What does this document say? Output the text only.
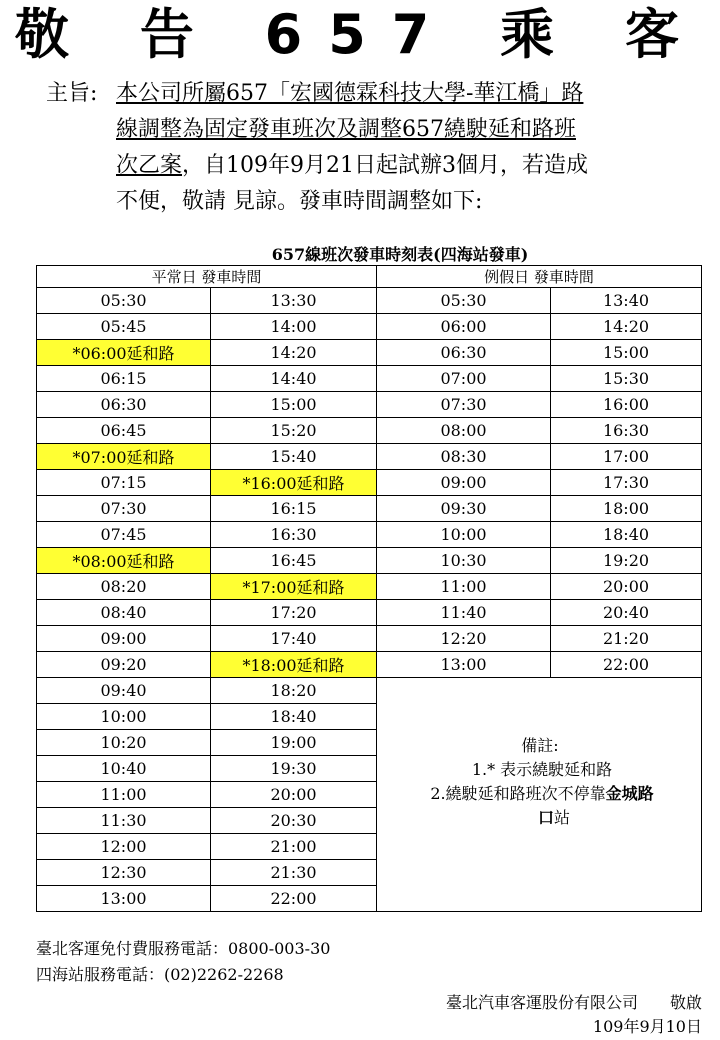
敬 告 657 乘 客
主旨: 本公司所屬657「宏國德霖科技大學-華江橋」路
線調整為固定發車班次及調整657繞駛延和路班
次乙案，自109年9月21日起試辦3個月，若造成
不便，敬請 見諒。發車時間調整如下:
657線班次發車時刻表(四海站發車)
平常日 發車時間		例假日 發車時間	
05:30	13:30	05:30	13:40
05:45	14:00	06:00	14:20
*06:00延和路	14:20	06:30	15:00
06:15	14:40	07:00	15:30
06:30	15:00	07:30	16:00
06:45	15:20	08:00	16:30
*07:00延和路	15:40	08:30	17:00
07:15	*16:00延和路	09:00	17:30
07:30	16:15	09:30	18:00
07:45	16:30	10:00	18:40
*08:00延和路	16:45	10:30	19:20
08:20	*17:00延和路	11:00	20:00
08:40	17:20	11:40	20:40
09:00	17:40	12:20	21:20
09:20	*18:00延和路	13:00	22:00
09:40	18:20	備註:
1.* 表示繞駛延和路
2.繞駛延和路班次不停靠金城路
口站	

10:00	18:40		
10:20	19:00		
10:40	19:30		
11:00	20:00		
11:30	20:30		
12:00	21:00		
12:30	21:30		
13:00	22:00		
臺北客運免付費服務電話：0800-003-30
四海站服務電話：(02)2262-2268
臺北汽車客運股份有限公司　　敬啟
109年9月10日
